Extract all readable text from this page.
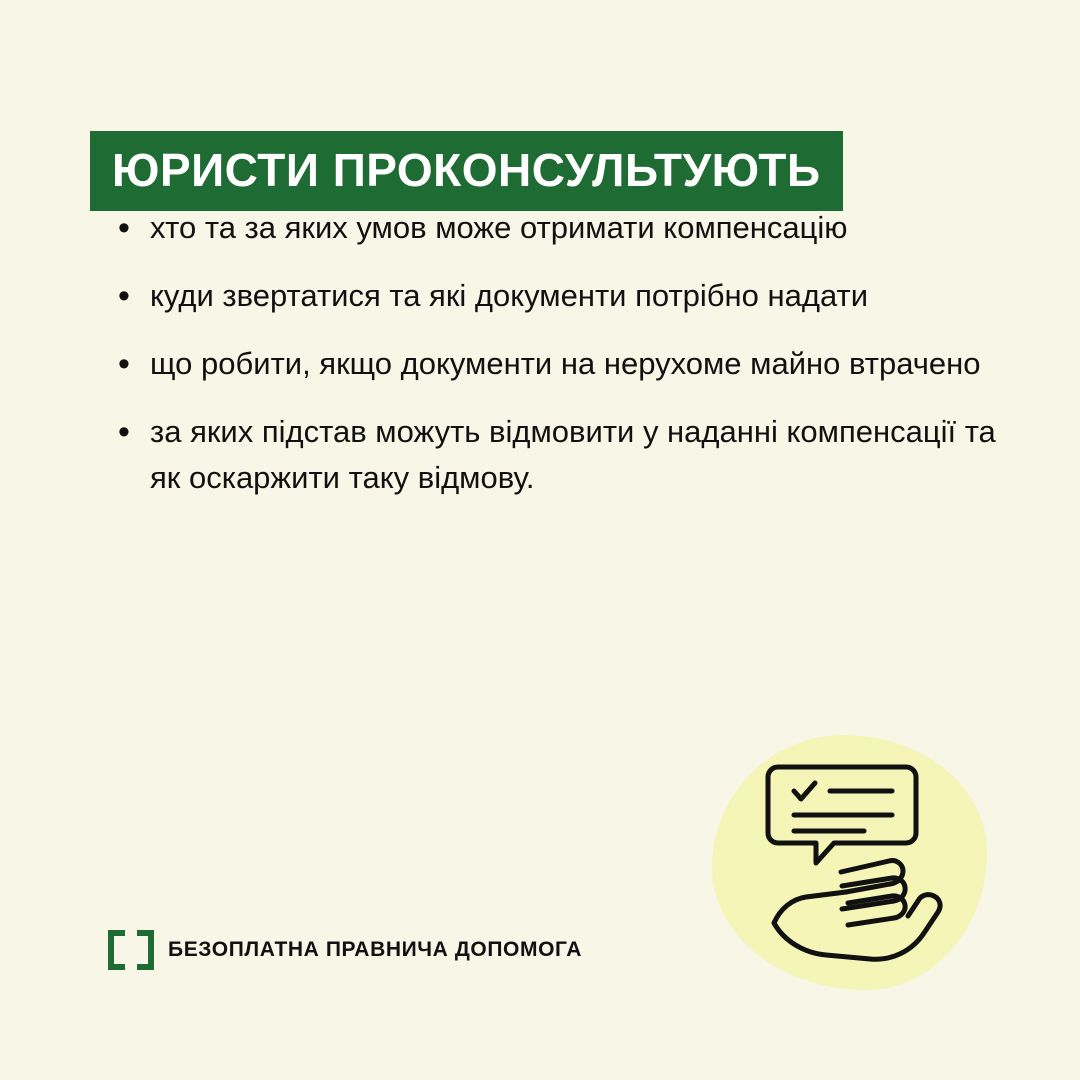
ЮРИСТИ ПРОКОНСУЛЬТУЮТЬ
• хто та за яких умов може отримати компенсацію
• куди звертатися та які документи потрібно надати
• що робити, якщо документи на нерухоме майно втрачено
• за яких підстав можуть відмовити у наданні компенсації та як оскаржити таку відмову.
БЕЗОПЛАТНА ПРАВНИЧА ДОПОМОГА
